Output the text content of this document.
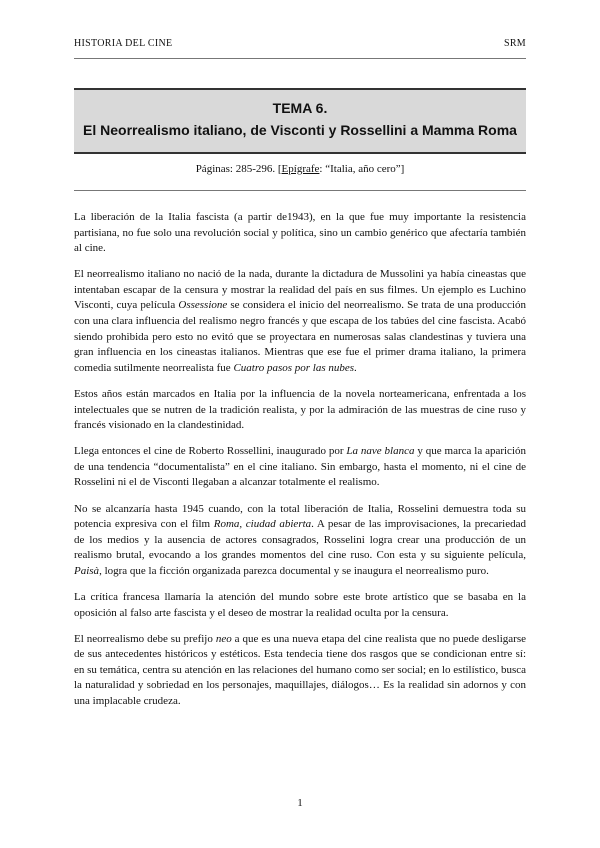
HISTORIA DEL CINE	SRM
TEMA 6.
El Neorrealismo italiano, de Visconti y Rossellini a Mamma Roma
Páginas: 285-296. [Epígrafe: “Italia, año cero”]

La liberación de la Italia fascista (a partir de1943), en la que fue muy importante la resistencia partisiana, no fue solo una revolución social y política, sino un cambio genérico que afectaría también al cine.

El neorrealismo italiano no nació de la nada, durante la dictadura de Mussolini ya había cineastas que intentaban escapar de la censura y mostrar la realidad del país en sus filmes. Un ejemplo es Luchino Visconti, cuya película Ossessione se considera el inicio del neorrealismo. Se trata de una producción con una clara influencia del realismo negro francés y que escapa de los tabúes del cine fascista. Acabó siendo prohibida pero esto no evitó que se proyectara en numerosas salas clandestinas y tuviera una gran influencia en los cineastas italianos. Mientras que ese fue el primer drama italiano, la primera comedia sutilmente neorrealista fue Cuatro pasos por las nubes.

Estos años están marcados en Italia por la influencia de la novela norteamericana, enfrentada a los intelectuales que se nutren de la tradición realista, y por la admiración de las muestras de cine ruso y francés visionado en la clandestinidad.

Llega entonces el cine de Roberto Rossellini, inaugurado por La nave blanca y que marca la aparición de una tendencia “documentalista” en el cine italiano. Sin embargo, hasta el momento, ni el cine de Rosselini ni el de Visconti llegaban a alcanzar totalmente el realismo.

No se alcanzaría hasta 1945 cuando, con la total liberación de Italia, Rosselini demuestra toda su potencia expresiva con el film Roma, ciudad abierta. A pesar de las improvisaciones, la precariedad de los medios y la ausencia de actores consagrados, Rosselini logra crear una producción de un realismo brutal, evocando a los grandes momentos del cine ruso. Con esta y su siguiente película, Paisà, logra que la ficción organizada parezca documental y se inaugura el neorrealismo puro.

La crítica francesa llamaría la atención del mundo sobre este brote artístico que se basaba en la oposición al falso arte fascista y el deseo de mostrar la realidad oculta por la censura.

El neorrealismo debe su prefijo neo a que es una nueva etapa del cine realista que no puede desligarse de sus antecedentes históricos y estéticos. Esta tendecia tiene dos rasgos que se condicionan entre sí: en su temática, centra su atención en las relaciones del humano como ser social; en lo estilístico, busca la naturalidad y sobriedad en los personajes, maquillajes, diálogos… Es la realidad sin adornos y con una implacable crudeza.

1
